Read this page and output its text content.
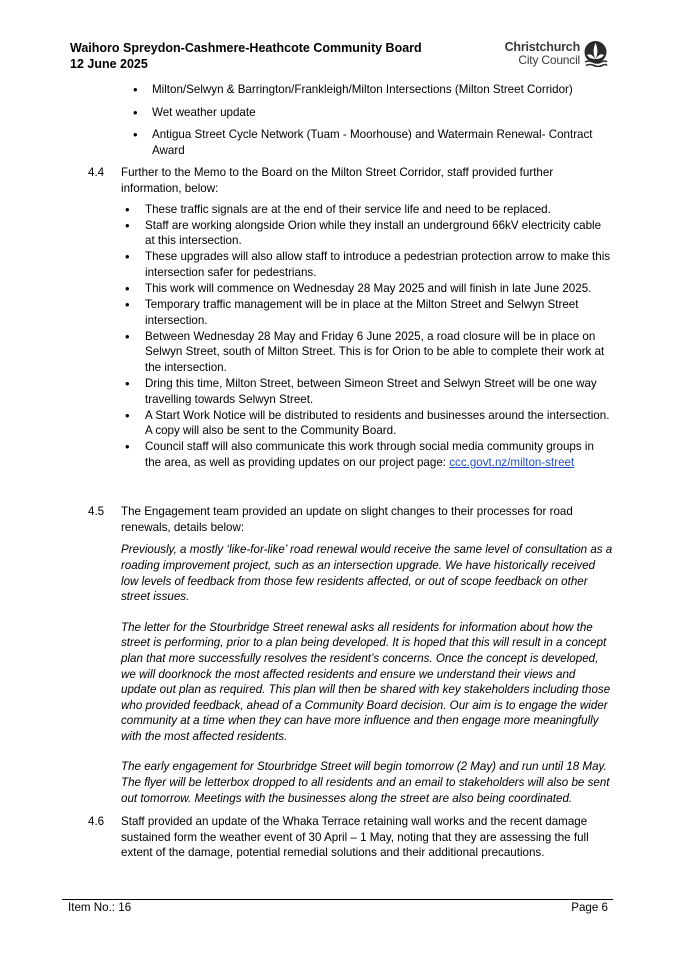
Waihoro Spreydon-Cashmere-Heathcote Community Board
12 June 2025
Christchurch
City Council
• Milton/Selwyn & Barrington/Frankleigh/Milton Intersections (Milton Street Corridor)
• Wet weather update
• Antigua Street Cycle Network (Tuam - Moorhouse) and Watermain Renewal- Contract Award
4.4 Further to the Memo to the Board on the Milton Street Corridor, staff provided further information, below:
• These traffic signals are at the end of their service life and need to be replaced.
• Staff are working alongside Orion while they install an underground 66kV electricity cable at this intersection.
• These upgrades will also allow staff to introduce a pedestrian protection arrow to make this intersection safer for pedestrians.
• This work will commence on Wednesday 28 May 2025 and will finish in late June 2025.
• Temporary traffic management will be in place at the Milton Street and Selwyn Street intersection.
• Between Wednesday 28 May and Friday 6 June 2025, a road closure will be in place on Selwyn Street, south of Milton Street. This is for Orion to be able to complete their work at the intersection.
• Dring this time, Milton Street, between Simeon Street and Selwyn Street will be one way travelling towards Selwyn Street.
• A Start Work Notice will be distributed to residents and businesses around the intersection. A copy will also be sent to the Community Board.
• Council staff will also communicate this work through social media community groups in the area, as well as providing updates on our project page: ccc.govt.nz/milton-street
4.5 The Engagement team provided an update on slight changes to their processes for road renewals, details below:
Previously, a mostly ‘like-for-like’ road renewal would receive the same level of consultation as a roading improvement project, such as an intersection upgrade. We have historically received low levels of feedback from those few residents affected, or out of scope feedback on other street issues.
The letter for the Stourbridge Street renewal asks all residents for information about how the street is performing, prior to a plan being developed. It is hoped that this will result in a concept plan that more successfully resolves the resident’s concerns. Once the concept is developed, we will doorknock the most affected residents and ensure we understand their views and update out plan as required. This plan will then be shared with key stakeholders including those who provided feedback, ahead of a Community Board decision. Our aim is to engage the wider community at a time when they can have more influence and then engage more meaningfully with the most affected residents.
The early engagement for Stourbridge Street will begin tomorrow (2 May) and run until 18 May. The flyer will be letterbox dropped to all residents and an email to stakeholders will also be sent out tomorrow. Meetings with the businesses along the street are also being coordinated.
4.6 Staff provided an update of the Whaka Terrace retaining wall works and the recent damage sustained form the weather event of 30 April – 1 May, noting that they are assessing the full extent of the damage, potential remedial solutions and their additional precautions.
Item No.: 16	Page 6
